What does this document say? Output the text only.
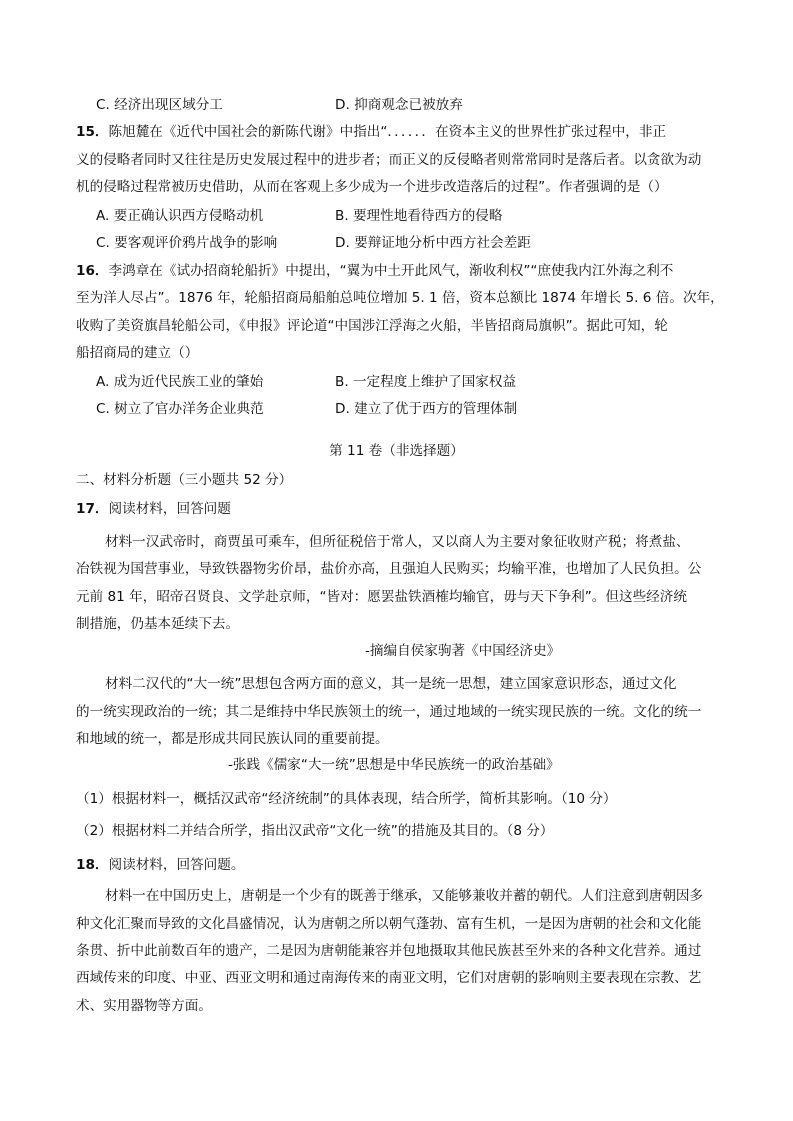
C. 经济出现区域分工	D. 抑商观念已被放弃
15．陈旭麓在《近代中国社会的新陈代谢》中指出“．．．．．．在资本主义的世界性扩张过程中，非正
义的侵略者同时又往往是历史发展过程中的进步者；而正义的反侵略者则常常同时是落后者。以贪欲为动
机的侵略过程常被历史借助，从而在客观上多少成为一个进步改造落后的过程”。作者强调的是（）
A. 要正确认识西方侵略动机	B. 要理性地看待西方的侵略
C. 要客观评价鸦片战争的影响	D. 要辩证地分析中西方社会差距
16．李鸿章在《试办招商轮船折》中提出，“翼为中土开此风气，渐收利权”“庶使我内江外海之利不
至为洋人尽占”。1876 年，轮船招商局船舶总吨位增加 5. 1 倍，资本总额比 1874 年增长 5. 6 倍。次年，
收购了美资旗昌轮船公司，《申报》评论道“中国涉江浮海之火船，半皆招商局旗帜”。据此可知，轮
船招商局的建立（）
A. 成为近代民族工业的肇始	B. 一定程度上维护了国家权益
C. 树立了官办洋务企业典范	D. 建立了优于西方的管理体制
第 11 卷（非选择题）
二、材料分析题（三小题共 52 分）
17．阅读材料，回答问题
材料一汉武帝时，商贾虽可乘车，但所征税倍于常人，又以商人为主要对象征收财产税；将煮盐、
冶铁视为国营事业，导致铁器物劣价昂，盐价亦高，且强迫人民购买；均输平准，也增加了人民负担。公
元前 81 年，昭帝召贤良、文学赴京师，“皆对：愿罢盐铁酒榷均输官，毋与天下争利”。但这些经济统
制措施，仍基本延续下去。
-摘编自侯家驹著《中国经济史》
材料二汉代的“大一统”思想包含两方面的意义，其一是统一思想，建立国家意识形态，通过文化
的一统实现政治的一统；其二是维持中华民族领土的统一，通过地域的一统实现民族的一统。文化的统一
和地域的统一，都是形成共同民族认同的重要前提。
-张践《儒家“大一统”思想是中华民族统一的政治基础》
（1）根据材料一，概括汉武帝“经济统制”的具体表现，结合所学，简析其影响。（10 分）
（2）根据材料二并结合所学，指出汉武帝“文化一统”的措施及其目的。（8 分）
18．阅读材料，回答问题。
材料一在中国历史上，唐朝是一个少有的既善于继承，又能够兼收并蓄的朝代。人们注意到唐朝因多
种文化汇聚而导致的文化昌盛情况，认为唐朝之所以朝气蓬勃、富有生机，一是因为唐朝的社会和文化能
条贯、折中此前数百年的遗产，二是因为唐朝能兼容并包地摄取其他民族甚至外来的各种文化营养。通过
西域传来的印度、中亚、西亚文明和通过南海传来的南亚文明，它们对唐朝的影响则主要表现在宗教、艺
术、实用器物等方面。
